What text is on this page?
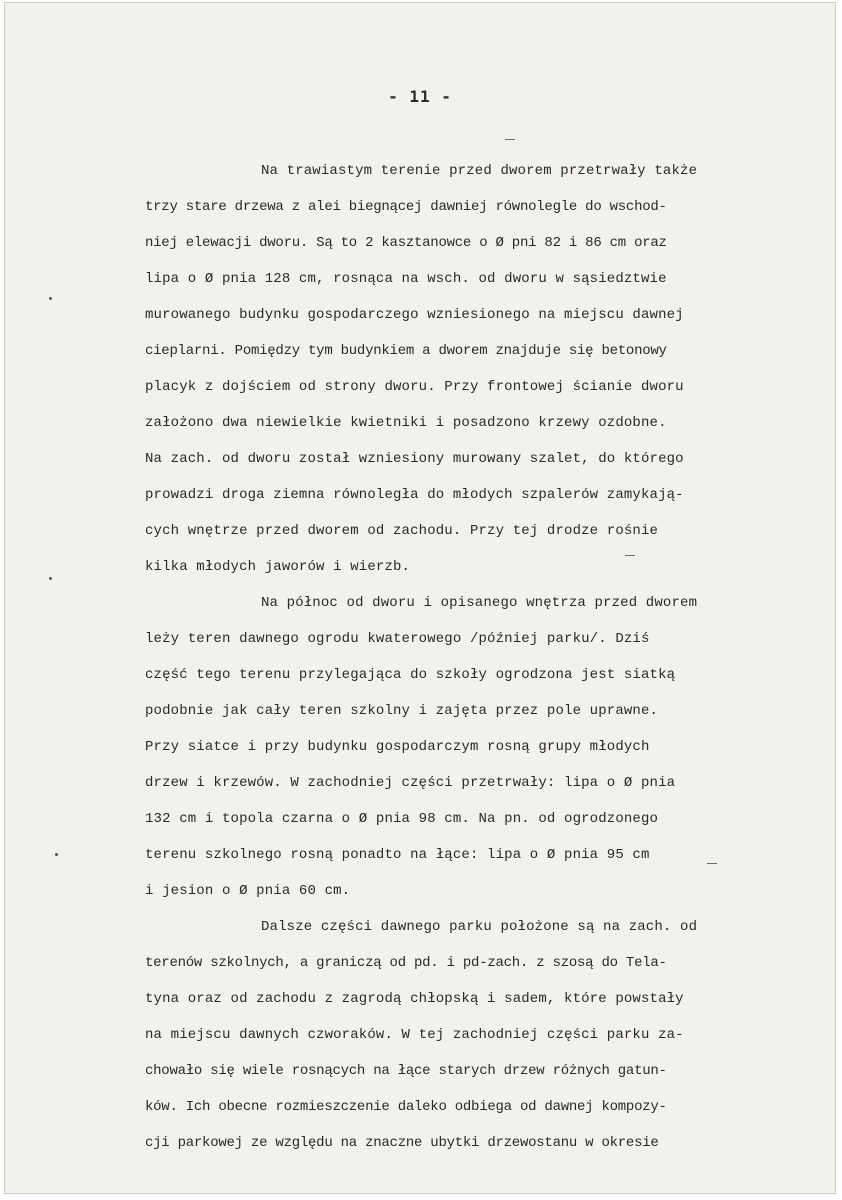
- 11 -
Na trawiastym terenie przed dworem przetrwały także
trzy stare drzewa z alei biegnącej dawniej równolegle do wschod-
niej elewacji dworu. Są to 2 kasztanowce o Ø pni 82 i 86 cm oraz
lipa o Ø pnia 128 cm, rosnąca na wsch. od dworu w sąsiedztwie
murowanego budynku gospodarczego wzniesionego na miejscu dawnej
cieplarni. Pomiędzy tym budynkiem a dworem znajduje się betonowy
placyk z dojściem od strony dworu. Przy frontowej ścianie dworu
założono dwa niewielkie kwietniki i posadzono krzewy ozdobne.
Na zach. od dworu został wzniesiony murowany szalet, do którego
prowadzi droga ziemna równoległa do młodych szpalerów zamykają-
cych wnętrze przed dworem od zachodu. Przy tej drodze rośnie
kilka młodych jaworów i wierzb.
Na północ od dworu i opisanego wnętrza przed dworem
leży teren dawnego ogrodu kwaterowego /później parku/. Dziś
część tego terenu przylegająca do szkoły ogrodzona jest siatką
podobnie jak cały teren szkolny i zajęta przez pole uprawne.
Przy siatce i przy budynku gospodarczym rosną grupy młodych
drzew i krzewów. W zachodniej części przetrwały: lipa o Ø pnia
132 cm i topola czarna o Ø pnia 98 cm. Na pn. od ogrodzonego
terenu szkolnego rosną ponadto na łące: lipa o Ø pnia 95 cm
i jesion o Ø pnia 60 cm.
Dalsze części dawnego parku położone są na zach. od
terenów szkolnych, a graniczą od pd. i pd-zach. z szosą do Tela-
tyna oraz od zachodu z zagrodą chłopską i sadem, które powstały
na miejscu dawnych czworaków. W tej zachodniej części parku za-
chowało się wiele rosnących na łące starych drzew różnych gatun-
ków. Ich obecne rozmieszczenie daleko odbiega od dawnej kompozy-
cji parkowej ze względu na znaczne ubytki drzewostanu w okresie
